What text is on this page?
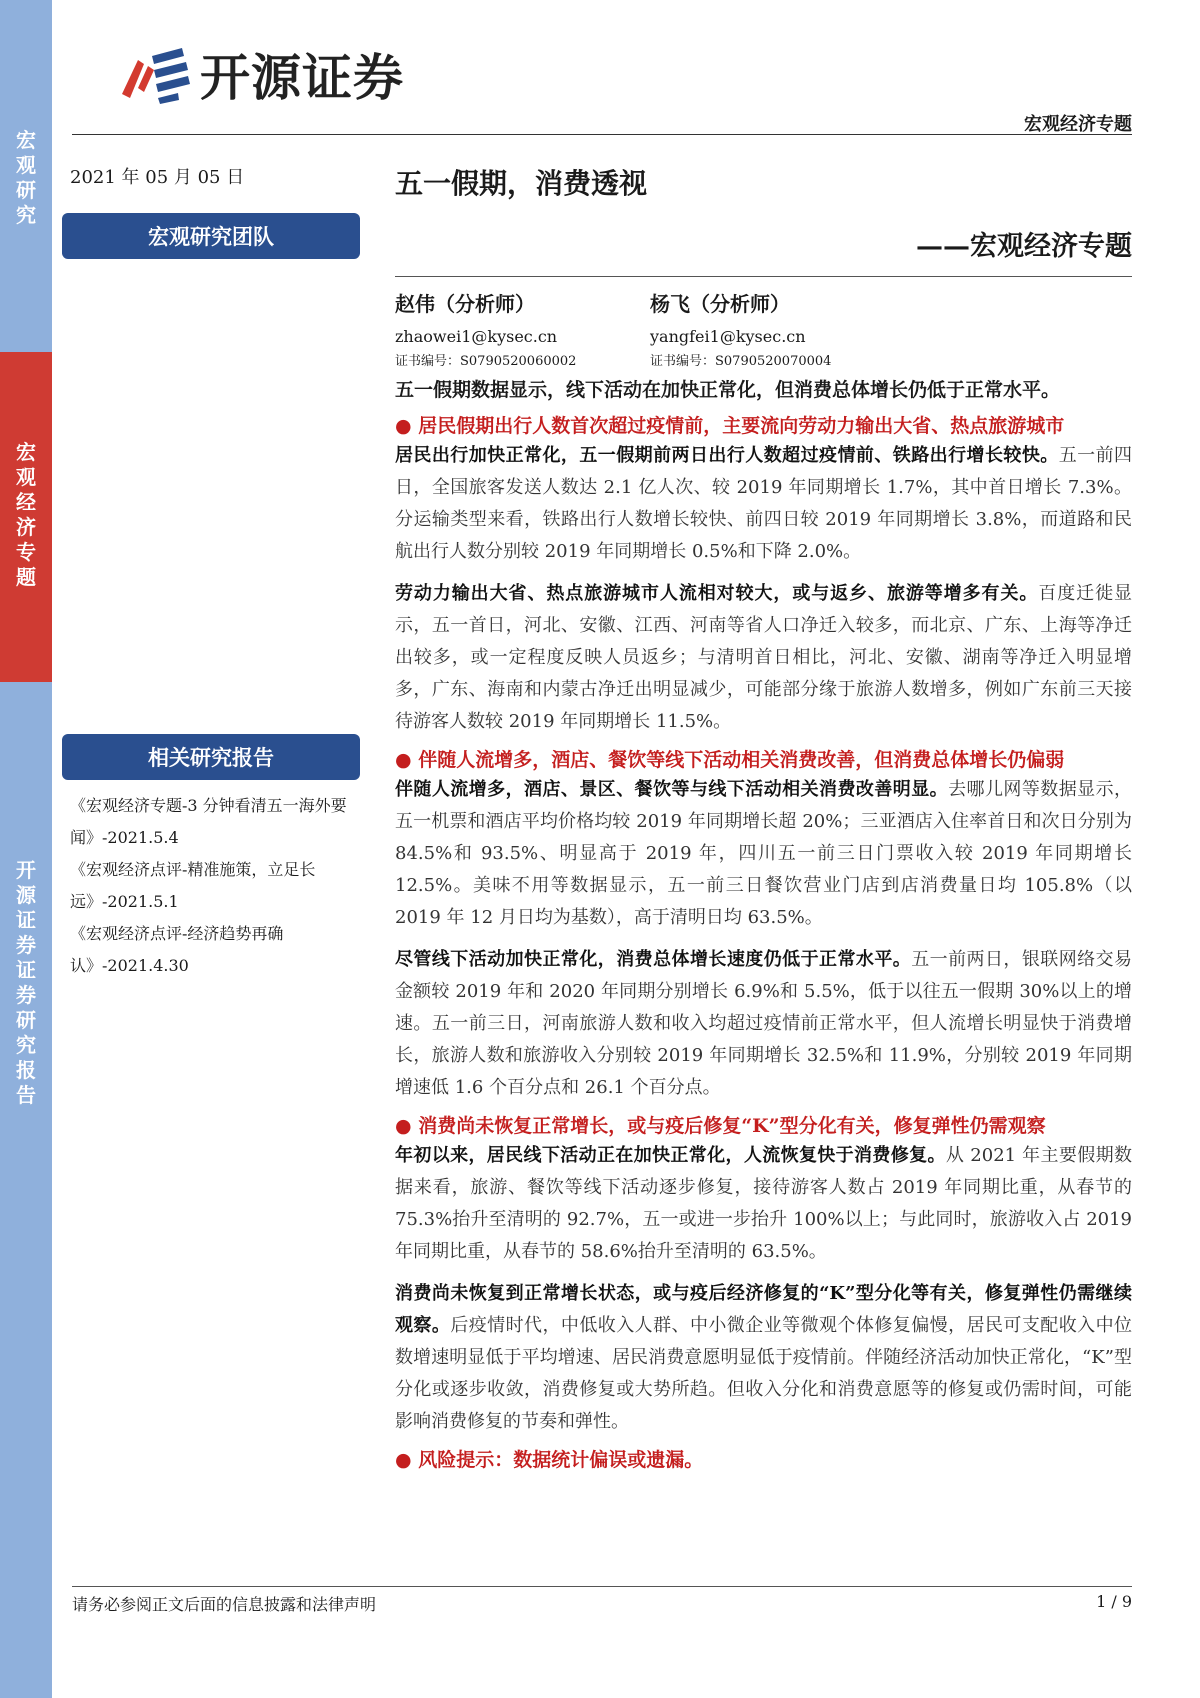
宏观研究
宏观经济专题
开源证券 证券研究报告
开源证券
宏观经济专题
2021 年 05 月 05 日
宏观研究团队
相关研究报告

《宏观经济专题-3 分钟看清五一海外要闻》-2021.5.4

《宏观经济点评-精准施策，立足长远》-2021.5.1

《宏观经济点评-经济趋势再确认》-2021.4.30

五一假期，消费透视
——宏观经济专题
赵伟（分析师）
zhaowei1@kysec.cn
证书编号：S0790520060002
杨飞（分析师）
yangfei1@kysec.cn
证书编号：S0790520070004

五一假期数据显示，线下活动在加快正常化，但消费总体增长仍低于正常水平。

● 居民假期出行人数首次超过疫情前，主要流向劳动力输出大省、热点旅游城市

居民出行加快正常化，五一假期前两日出行人数超过疫情前、铁路出行增长较快。五一前四日，全国旅客发送人数达 2.1 亿人次、较 2019 年同期增长 1.7%，其中首日增长 7.3%。分运输类型来看，铁路出行人数增长较快、前四日较 2019 年同期增长 3.8%，而道路和民航出行人数分别较 2019 年同期增长 0.5%和下降 2.0%。

劳动力输出大省、热点旅游城市人流相对较大，或与返乡、旅游等增多有关。百度迁徙显示，五一首日，河北、安徽、江西、河南等省人口净迁入较多，而北京、广东、上海等净迁出较多，或一定程度反映人员返乡；与清明首日相比，河北、安徽、湖南等净迁入明显增多，广东、海南和内蒙古净迁出明显减少，可能部分缘于旅游人数增多，例如广东前三天接待游客人数较 2019 年同期增长 11.5%。

● 伴随人流增多，酒店、餐饮等线下活动相关消费改善，但消费总体增长仍偏弱

伴随人流增多，酒店、景区、餐饮等与线下活动相关消费改善明显。去哪儿网等数据显示，五一机票和酒店平均价格均较 2019 年同期增长超 20%；三亚酒店入住率首日和次日分别为 84.5%和 93.5%、明显高于 2019 年，四川五一前三日门票收入较 2019 年同期增长 12.5%。美味不用等数据显示，五一前三日餐饮营业门店到店消费量日均 105.8%（以 2019 年 12 月日均为基数），高于清明日均 63.5%。

尽管线下活动加快正常化，消费总体增长速度仍低于正常水平。五一前两日，银联网络交易金额较 2019 年和 2020 年同期分别增长 6.9%和 5.5%，低于以往五一假期 30%以上的增速。五一前三日，河南旅游人数和收入均超过疫情前正常水平，但人流增长明显快于消费增长，旅游人数和旅游收入分别较 2019 年同期增长 32.5%和 11.9%，分别较 2019 年同期增速低 1.6 个百分点和 26.1 个百分点。

● 消费尚未恢复正常增长，或与疫后修复“K”型分化有关，修复弹性仍需观察

年初以来，居民线下活动正在加快正常化，人流恢复快于消费修复。从 2021 年主要假期数据来看，旅游、餐饮等线下活动逐步修复，接待游客人数占 2019 年同期比重，从春节的 75.3%抬升至清明的 92.7%，五一或进一步抬升 100%以上；与此同时，旅游收入占 2019 年同期比重，从春节的 58.6%抬升至清明的 63.5%。

消费尚未恢复到正常增长状态，或与疫后经济修复的“K”型分化等有关，修复弹性仍需继续观察。后疫情时代，中低收入人群、中小微企业等微观个体修复偏慢，居民可支配收入中位数增速明显低于平均增速、居民消费意愿明显低于疫情前。伴随经济活动加快正常化，“K”型分化或逐步收敛，消费修复或大势所趋。但收入分化和消费意愿等的修复或仍需时间，可能影响消费修复的节奏和弹性。

● 风险提示：数据统计偏误或遗漏。

请务必参阅正文后面的信息披露和法律声明	1 / 9
